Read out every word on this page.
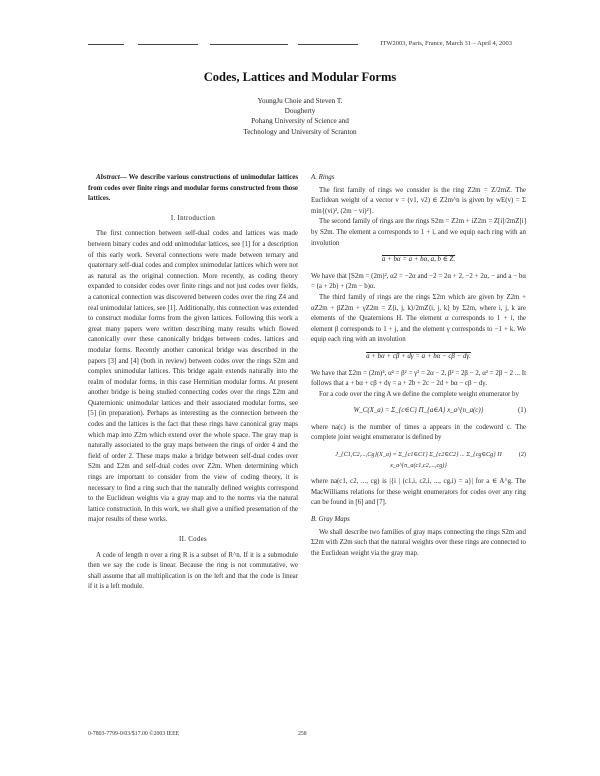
ITW2003, Paris, France, March 31 – April 4, 2003
Codes, Lattices and Modular Forms
YoungJu Choie and Steven T.
Dougherty
Pohang University of Science and
Technology and University of Scranton

Abstract— We describe various constructions of unimodular lattices from codes over finite rings and modular forms constructed from those lattices.

I. Introduction

The first connection between self-dual codes and lattices was made between binary codes and odd unimodular lattices, see [1] for a description of this early work. Several connections were made between ternary and quaternary self-dual codes and complex unimodular lattices which were not as natural as the original connection. More recently, as coding theory expanded to consider codes over finite rings and not just codes over fields, a canonical connection was discovered between codes over the ring Z4 and real unimodular lattices, see [1]. Additionally, this connection was extended to construct modular forms from the given lattices. Following this work a great many papers were written describing many results which flowed canonically over these canonically bridges between codes, lattices and modular forms. Recently another canonical bridge was described in the papers [3] and [4] (both in review) between codes over the rings S2m and complex unimodular lattices. This bridge again extends naturally into the realm of modular forms, in this case Hermitian modular forms. At present another bridge is being studied connecting codes over the rings Σ2m and Quaternionic unimodular lattices and their associated modular forms, see [5] (in preparation). Perhaps as interesting as the connection between the codes and the lattices is the fact that these rings have canonical gray maps which map into Z2m which extend over the whole space. The gray map is naturally associated to the gray maps between the rings of order 4 and the field of order 2. These maps make a bridge between self-dual codes over S2m and Σ2m and self-dual codes over Z2m. When determining which rings are important to consider from the view of coding theory, it is necessary to find a ring such that the naturally defined weights correspond to the Euclidean weights via a gray map and to the norms via the natural lattice construction. In this work, we shall give a unified presentation of the major results of these works.

II. Codes

A code of length n over a ring R is a subset of R^n. If it is a submodule then we say the code is linear. Because the ring is not commutative, we shall assume that all multiplication is on the left and that the code is linear if it is a left module.

A. Rings

The first family of rings we consider is the ring Z2m = Z/2mZ. The Euclidean weight of a vector v = (v1, v2) ∈ Z2m^n is given by wE(v) = Σ min{(vi)², (2m − vi)²}.

The second family of rings are the rings S2m = Z2m + iZ2m = Z[i]/2mZ[i] by S2m. The element a corresponds to 1 + i, and we equip each ring with an involution

a + bα = a + bα, a, b ∈ Z.

We have that [S2m = (2m)², α2 = −2α and −2 = 2α + 2, −2 + 2α, − and a − bα = (a + 2b) + (2m − b)α.

The third family of rings are the rings Σ2m which are given by Z2m + αZ2m + βZ2m + γZ2m = Z⟨i, j, k⟩/2mZ⟨i, j, k⟩ by Σ2m, where i, j, k are elements of the Quaternions H. The element α corresponds to 1 + i, the element β corresponds to 1 + j, and the element γ corresponds to −1 + k. We equip each ring with an involution

a + bα + cβ + dγ = a + bα − cβ − dγ.

We have that Σ2m = (2m)⁴, α² = β² = γ² = 2α − 2, β² = 2β − 2, α² = 2β − 2 ... It follows that a + bα + cβ + dγ = a + 2b + 2c − 2d + bα − cβ − dγ.

For a code over the ring A we define the complete weight enumerator by

W_C(X_a) = Σ_{c∈C} Π_{a∈A} x_a^{n_a(c)}	(1)

where na(c) is the number of times a appears in the codeword c. The complete joint weight enumerator is defined by

J_{C1,C2,...,Cg}(X_a) = Σ_{c1∈C1} Σ_{c2∈C2} ... Σ_{cg∈Cg} Π x_a^{n_a(c1,c2,...,cg)}
(2)

where na(c1, c2, ..., cg) is |{i | (c1,i, c2,i, ..., cg,i) = a}| for a ∈ A^g. The MacWilliams relations for these weight enumerators for codes over any ring can be found in [6] and [7].

B. Gray Maps

We shall describe two families of gray maps connecting the rings S2m and Σ2m with Z2m such that the natural weights over these rings are connected to the Euclidean weight via the gray map.

0-7803-7799-0/03/$17.00 ©2003 IEEE	258
